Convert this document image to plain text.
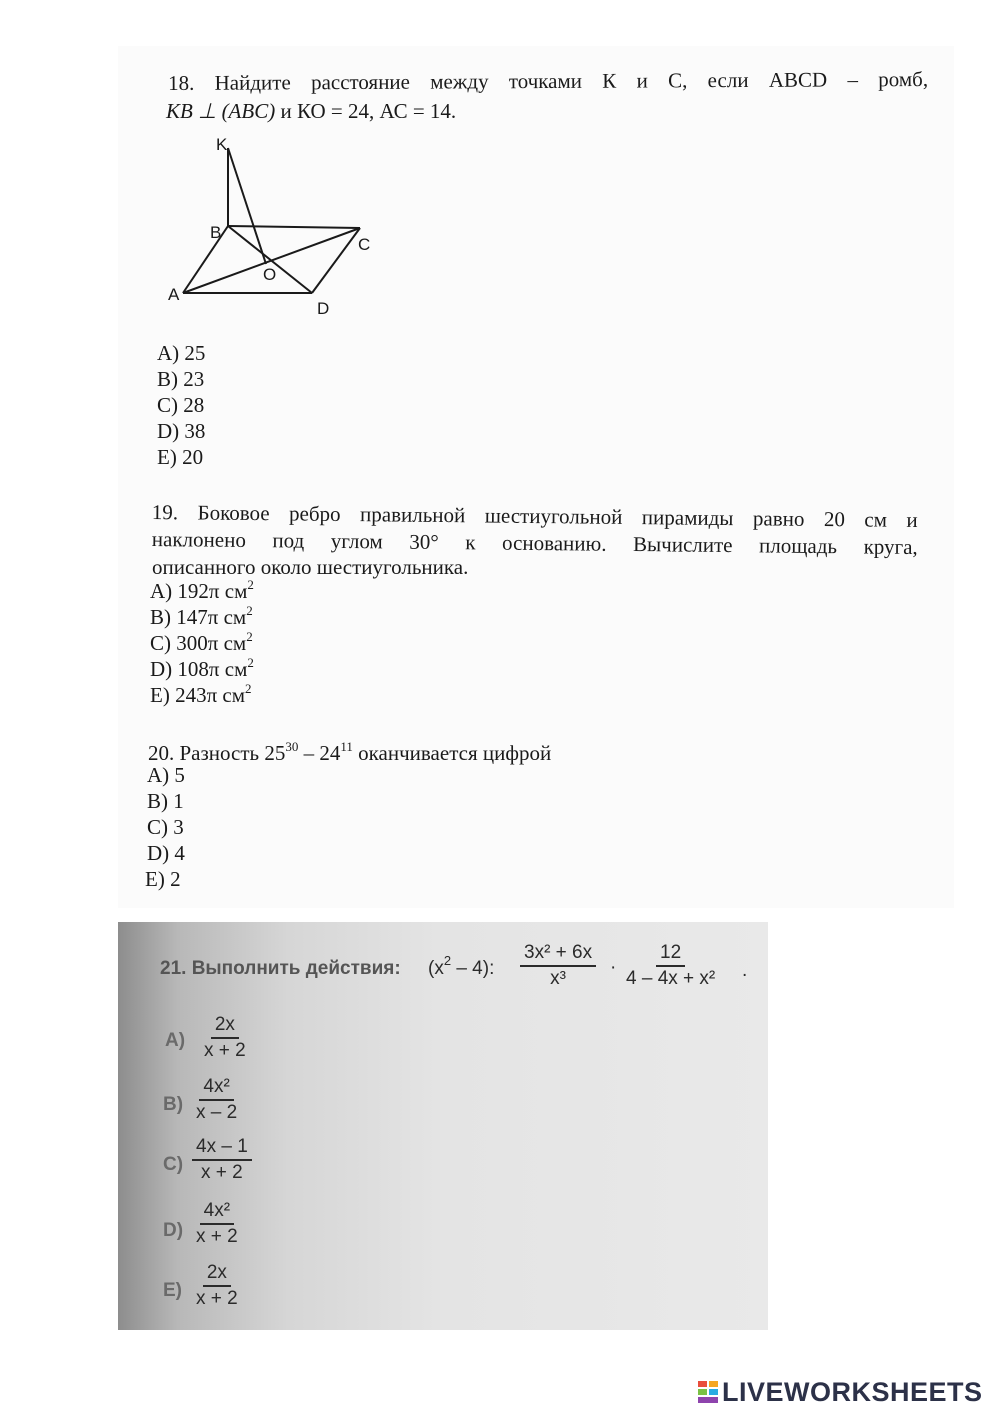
18. Найдите расстояние между точками К и С, если ABCD – ромб,
КВ ⊥ (ABC) и КО = 24, АС = 14.
K
B
C
O
A
D
A) 25
B) 23
C) 28
D) 38
E) 20
19. Боковое ребро правильной шестиугольной пирамиды равно 20 см и
наклонено под углом 30° к основанию. Вычислите площадь круга,
описанного около шестиугольника.
A) 192π $см^2$
B) 147π $см^2$
C) 300π $см^2$
D) 108π $см^2$
E) 243π $см^2$
20. Разность $25^{30} - 24^{11}$ оканчивается цифрой
A) 5
B) 1
C) 3
D) 4
E) 2
21. Выполнить действия: $(x^2 - 4)$: $\frac{\text{3x² + 6x}}{\text{x³}} \cdot \frac{12}{\text{4 – 4x + x²}}$ .
$A) \frac{2x}{x + 2}$
$B) \frac{\text{4x²}}{x - 2}$
$C) \frac{4x - 1}{x + 2}$
$D) \frac{\text{4x²}}{x + 2}$
$E) \frac{2x}{x + 2}$
LIVEWORKSHEETS
